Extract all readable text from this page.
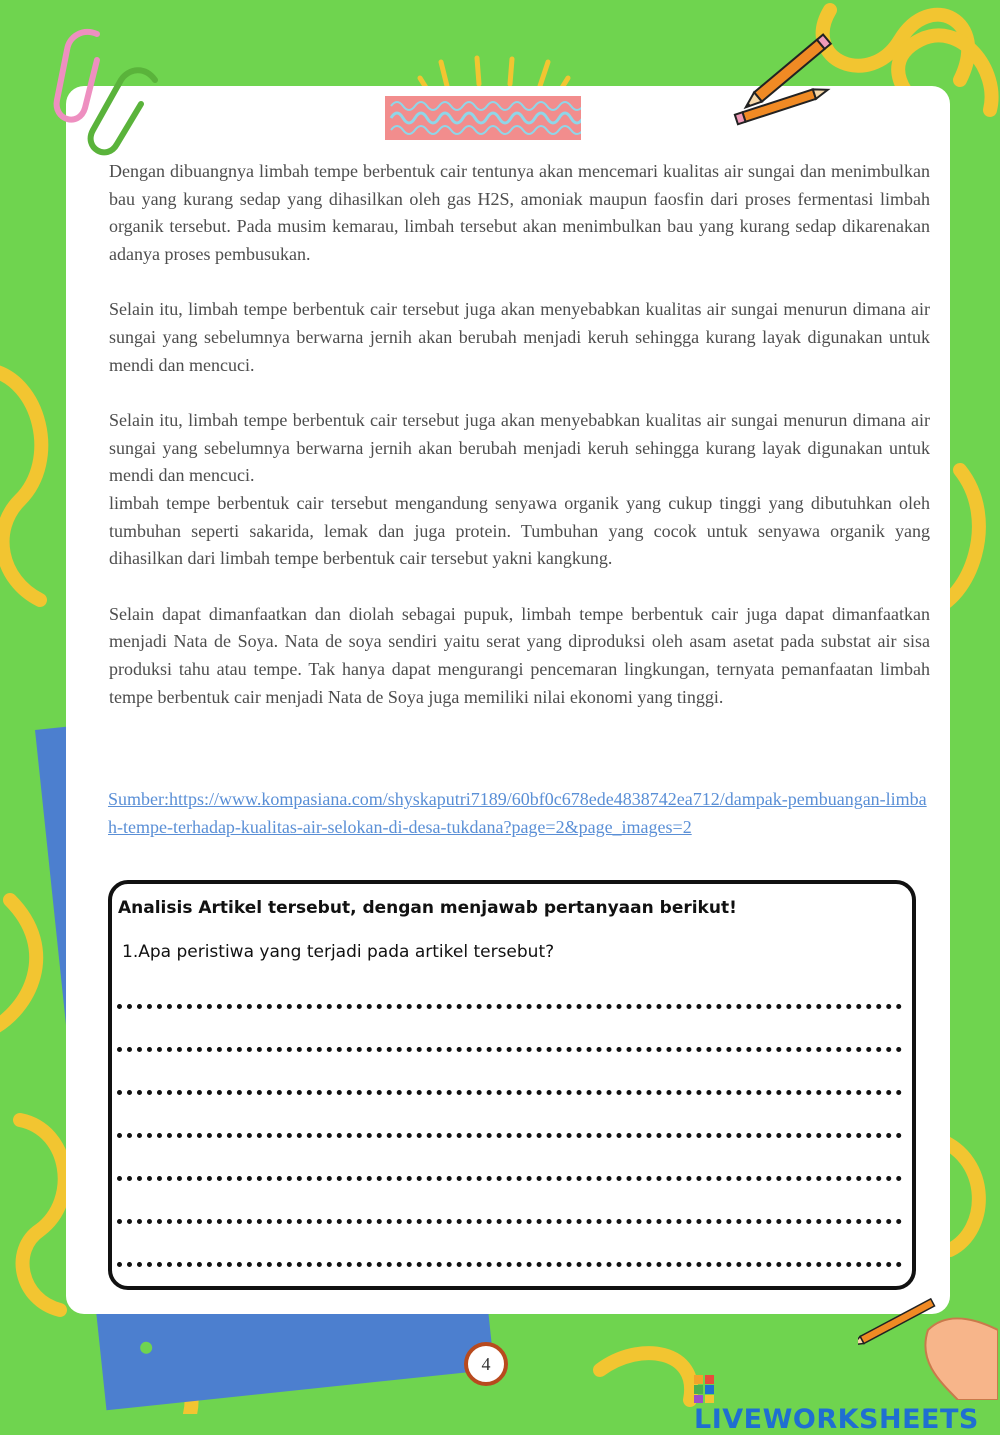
Dengan dibuangnya limbah tempe berbentuk cair tentunya akan mencemari kualitas air sungai dan menimbulkan bau yang kurang sedap yang dihasilkan oleh gas H2S, amoniak maupun faosfin dari proses fermentasi limbah organik tersebut. Pada musim kemarau, limbah tersebut akan menimbulkan bau yang kurang sedap dikarenakan adanya proses pembusukan.

Selain itu, limbah tempe berbentuk cair tersebut juga akan menyebabkan kualitas air sungai menurun dimana air sungai yang sebelumnya berwarna jernih akan berubah menjadi keruh sehingga kurang layak digunakan untuk mendi dan mencuci.

Selain itu, limbah tempe berbentuk cair tersebut juga akan menyebabkan kualitas air sungai menurun dimana air sungai yang sebelumnya berwarna jernih akan berubah menjadi keruh sehingga kurang layak digunakan untuk mendi dan mencuci.

limbah tempe berbentuk cair tersebut mengandung senyawa organik yang cukup tinggi yang dibutuhkan oleh tumbuhan seperti sakarida, lemak dan juga protein. Tumbuhan yang cocok untuk senyawa organik yang dihasilkan dari limbah tempe berbentuk cair tersebut yakni kangkung.

Selain dapat dimanfaatkan dan diolah sebagai pupuk, limbah tempe berbentuk cair juga dapat dimanfaatkan menjadi Nata de Soya. Nata de soya sendiri yaitu serat yang diproduksi oleh asam asetat pada substat air sisa produksi tahu atau tempe. Tak hanya dapat mengurangi pencemaran lingkungan, ternyata pemanfaatan limbah tempe berbentuk cair menjadi Nata de Soya juga memiliki nilai ekonomi yang tinggi.

Sumber:https://www.kompasiana.com/shyskaputri7189/60bf0c678ede4838742ea712/dampak-pembuangan-limbah-tempe-terhadap-kualitas-air-selokan-di-desa-tukdana?page=2&page_images=2
Analisis Artikel tersebut, dengan menjawab pertanyaan berikut!
1.Apa peristiwa yang terjadi pada artikel tersebut?
4
LIVEWORKSHEETS
